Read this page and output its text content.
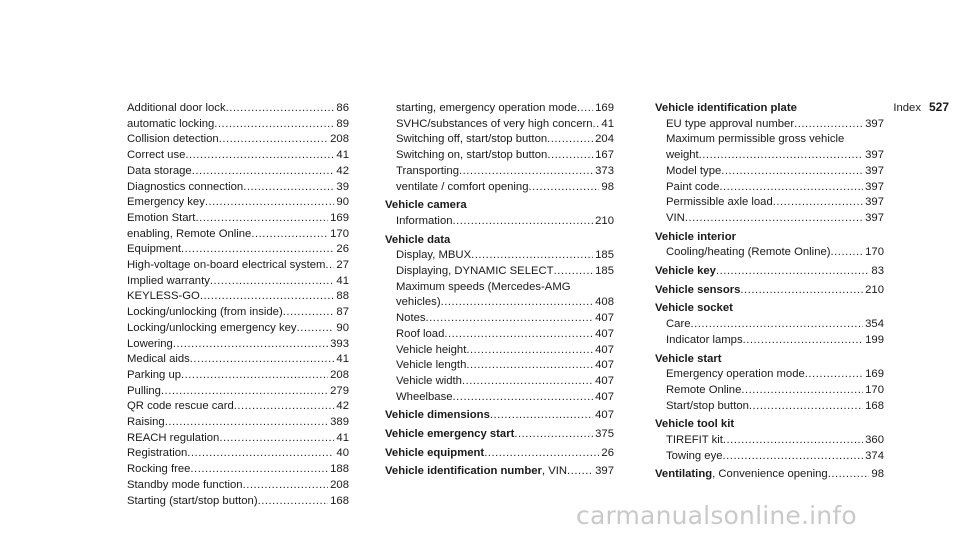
Index 527
Additional door lock .....	86
automatic locking .....	89
Collision detection .....	208
Correct use .....	41
Data storage .....	42
Diagnostics connection .....	39
Emergency key .....	90
Emotion Start .....	169
enabling, Remote Online .....	170
Equipment .....	26
High-voltage on-board electrical system ..... 27
Implied warranty .....	41
KEYLESS-GO .....	88
Locking/unlocking (from inside) .....	87
Locking/unlocking emergency key .....	90
Lowering .....	393
Medical aids .....	41
Parking up .....	208
Pulling .....	279
QR code rescue card .....	42
Raising .....	389
REACH regulation .....	41
Registration .....	40
Rocking free .....	188
Standby mode function .....	208
Starting (start/stop button) .....	168
starting, emergency operation mode ..... 169
SVHC/substances of very high concern ..... 41
Switching off, start/stop button .....	204
Switching on, start/stop button .....	167
Transporting .....	373
ventilate / comfort opening .....	98
Vehicle camera
Information .....	210
Vehicle data
Display, MBUX .....	185
Displaying, DYNAMIC SELECT .....	185
Maximum speeds (Mercedes-AMG
vehicles) .....	408
Notes .....	407
Roof load .....	407
Vehicle height .....	407
Vehicle length .....	407
Vehicle width .....	407
Wheelbase .....	407
Vehicle dimensions .....	407
Vehicle emergency start .....	375
Vehicle equipment .....	26
Vehicle identification number, VIN ..... 397
Vehicle identification plate
EU type approval number .....	397
Maximum permissible gross vehicle
weight .....	397
Model type .....	397
Paint code .....	397
Permissible axle load .....	397
VIN .....	397
Vehicle interior
Cooling/heating (Remote Online) .....	170
Vehicle key .....	83
Vehicle sensors .....	210
Vehicle socket
Care .....	354
Indicator lamps .....	199
Vehicle start
Emergency operation mode .....	169
Remote Online .....	170
Start/stop button .....	168
Vehicle tool kit
TIREFIT kit .....	360
Towing eye .....	374
Ventilating, Convenience opening .....	98
carmanualsonline.info
